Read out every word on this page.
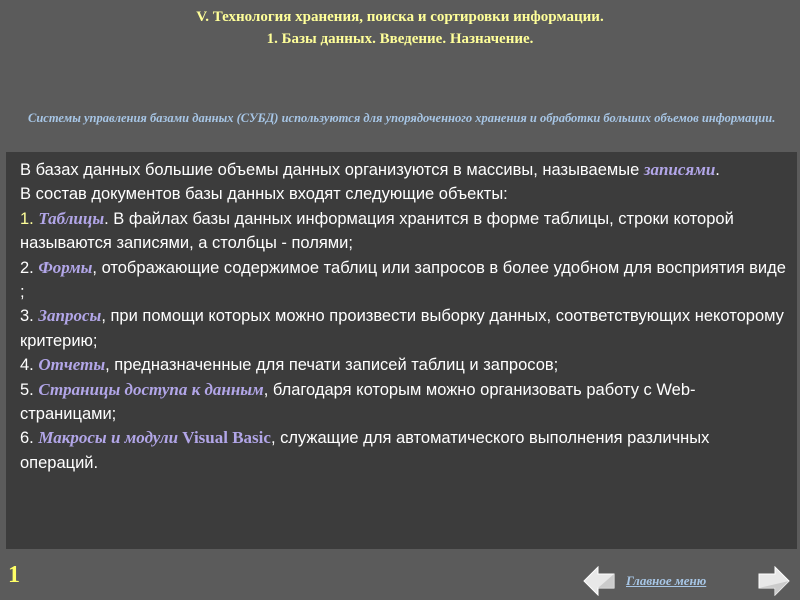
V. Технология хранения, поиска и сортировки информации.
1. Базы данных. Введение. Назначение.
Системы управления базами данных (СУБД) используются для упорядоченного хранения и обработки больших объемов информации.

В базах данных большие объемы данных организуются в массивы, называемые записями.

В состав документов базы данных входят следующие объекты:

1. Таблицы. В файлах базы данных информация хранится в форме таблицы, строки которой называются записями, а столбцы - полями;

2. Формы, отображающие содержимое таблиц или запросов в более удобном для восприятия виде ;

3. Запросы, при помощи которых можно произвести выборку данных, соответствующих некоторому критерию;

4. Отчеты, предназначенные для печати записей таблиц и запросов;

5. Страницы доступа к данным, благодаря которым можно организовать работу с Web-страницами;

6. Макросы и модули Visual Basic, служащие для автоматического выполнения различных операций.

1	Главное меню
